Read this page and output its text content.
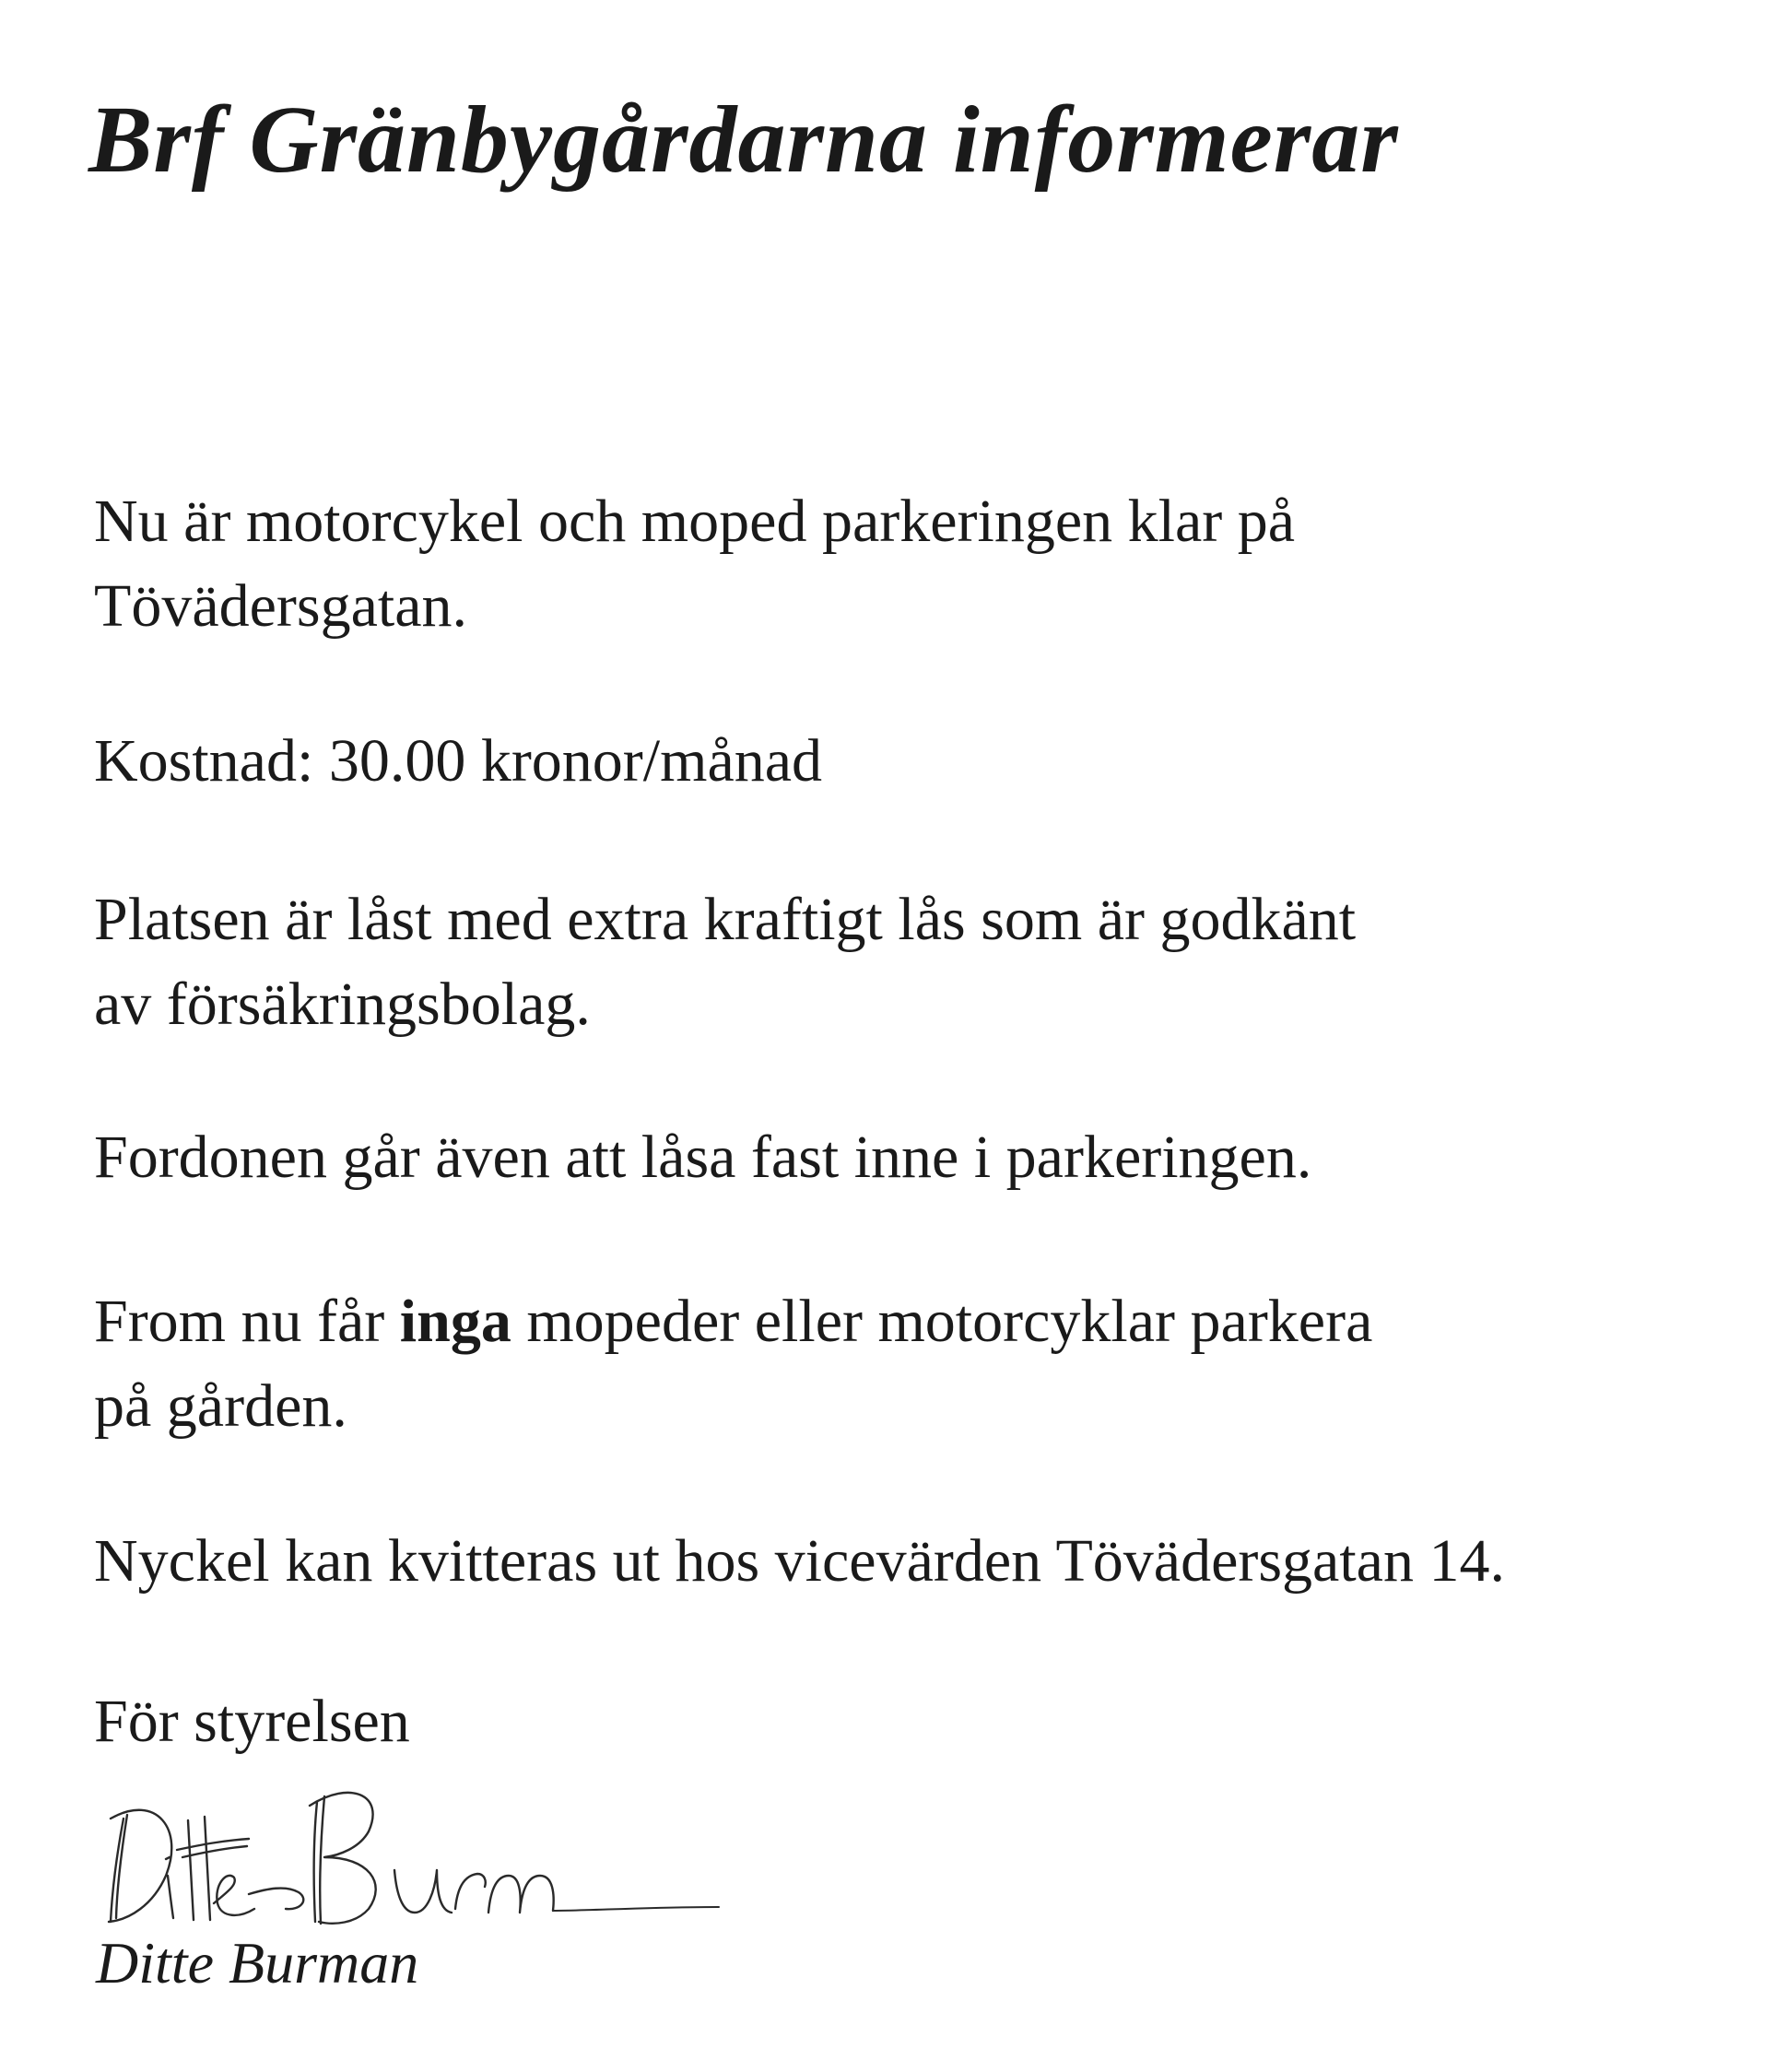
Brf Gränbygårdarna informerar

Nu är motorcykel och moped parkeringen klar på
Tövädersgatan.

Kostnad: 30.00 kronor/månad

Platsen är låst med extra kraftigt lås som är godkänt
av försäkringsbolag.

Fordonen går även att låsa fast inne i parkeringen.

From nu får inga mopeder eller motorcyklar parkera
på gården.

Nyckel kan kvitteras ut hos vicevärden Tövädersgatan 14.

För styrelsen

Ditte Burman
